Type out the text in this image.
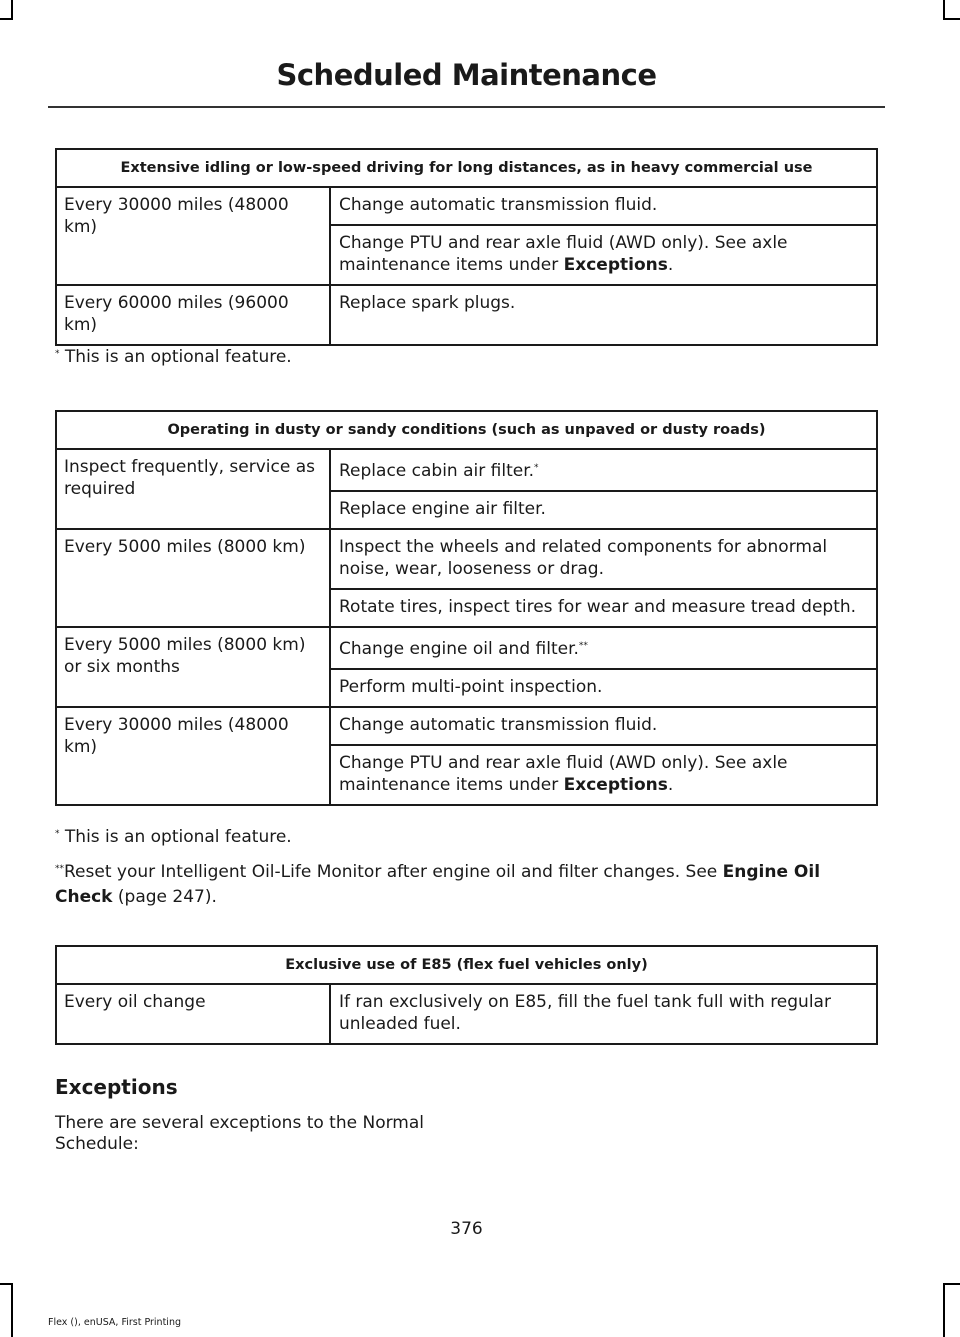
Scheduled Maintenance
Extensive idling or low-speed driving for long distances, as in heavy commercial use	
Every 30000 miles (48000 km)	Change automatic transmission fluid.
	Change PTU and rear axle fluid (AWD only). See axle maintenance items under Exceptions.
Every 60000 miles (96000 km)	Replace spark plugs.
* This is an optional feature.
Operating in dusty or sandy conditions (such as unpaved or dusty roads)	
Inspect frequently, service as required	Replace cabin air filter.*
	Replace engine air filter.
Every 5000 miles (8000 km)	Inspect the wheels and related components for abnormal noise, wear, looseness or drag.
	Rotate tires, inspect tires for wear and measure tread depth.
Every 5000 miles (8000 km) or six months	Change engine oil and filter.**
	Perform multi-point inspection.
Every 30000 miles (48000 km)	Change automatic transmission fluid.
	Change PTU and rear axle fluid (AWD only). See axle maintenance items under Exceptions.
* This is an optional feature.
**Reset your Intelligent Oil-Life Monitor after engine oil and filter changes. See Engine Oil Check (page 247).
Exclusive use of E85 (flex fuel vehicles only)
Every oil change	If ran exclusively on E85, fill the fuel tank full with regular unleaded fuel.
Exceptions
There are several exceptions to the Normal Schedule:
376
Flex (), enUSA, First Printing
